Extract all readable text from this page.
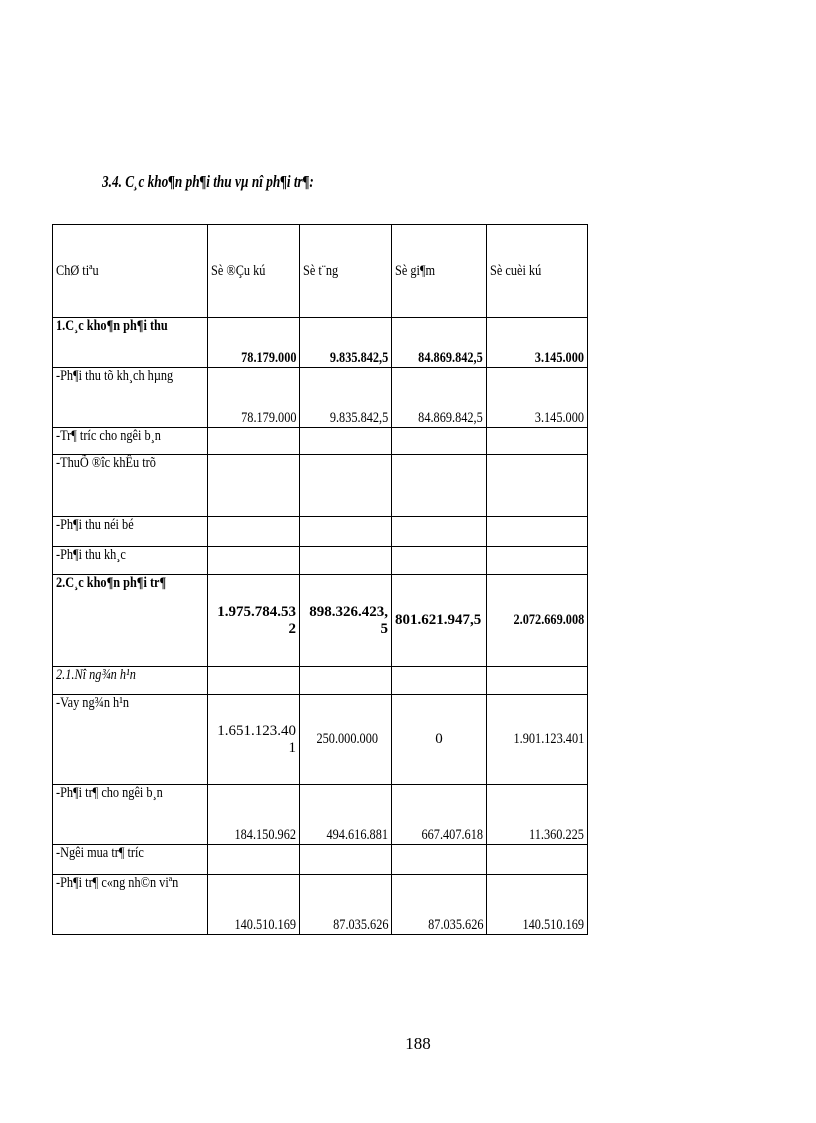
3.4. C¸c kho¶n ph¶i thu vµ nî ph¶i tr¶:
ChØ tiªu	Sè ®Çu kú	Sè t¨ng	Sè gi¶m	Sè cuèi kú
1.C¸c kho¶n ph¶i thu	78.179.000	9.835.842,5	84.869.842,5	3.145.000
-Ph¶i thu tõ kh¸ch hµng	78.179.000	9.835.842,5	84.869.842,5	3.145.000
-Tr¶ tríc cho ngêi b¸n				
-ThuÕ ®îc khÊu trõ				
-Ph¶i thu néi bé				
-Ph¶i thu kh¸c				
2.C¸c kho¶n ph¶i tr¶	1.975.784.532	898.326.423,5	801.621.947,5	2.072.669.008
2.1.Nî ng¾n h¹n				
-Vay ng¾n h¹n	1.651.123.401	250.000.000	0	1.901.123.401
-Ph¶i tr¶ cho ngêi b¸n	184.150.962	494.616.881	667.407.618	11.360.225
-Ngêi mua tr¶ tríc				
-Ph¶i tr¶ c«ng nh©n viªn	140.510.169	87.035.626	87.035.626	140.510.169
188
